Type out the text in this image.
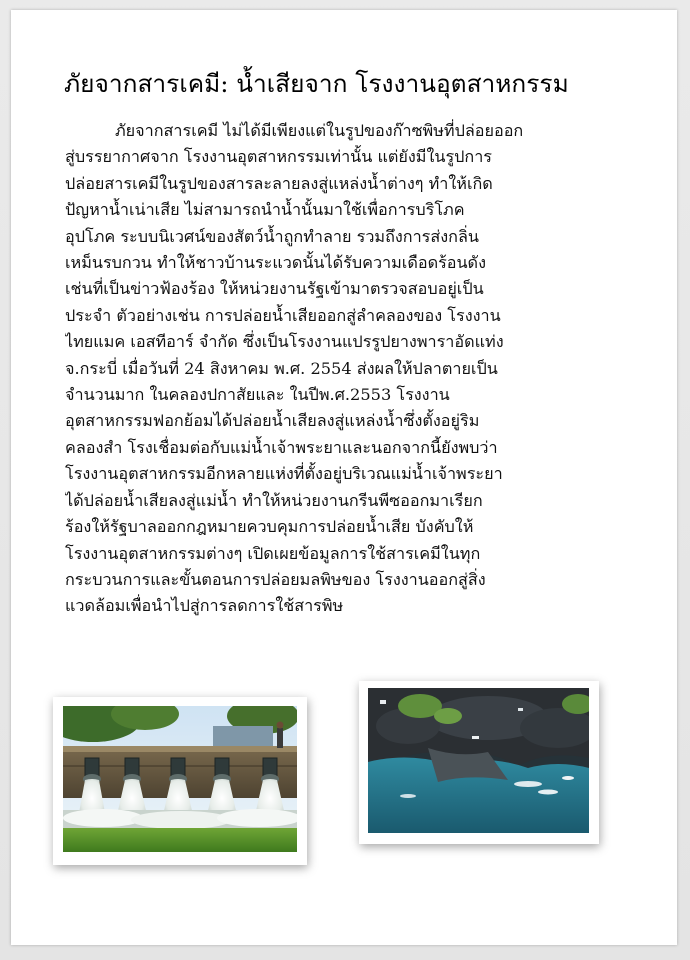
ภัยจากสารเคมี: น้ำเสียจาก โรงงานอุตสาหกรรม
ภัยจากสารเคมี ไม่ได้มีเพียงแต่ในรูปของก๊าซพิษที่ปล่อยออก
สู่บรรยากาศจาก โรงงานอุตสาหกรรมเท่านั้น แต่ยังมีในรูปการ
ปล่อยสารเคมีในรูปของสารละลายลงสู่แหล่งน้ำต่างๆ ทำให้เกิด
ปัญหาน้ำเน่าเสีย ไม่สามารถนำน้ำนั้นมาใช้เพื่อการบริโภค
อุปโภค ระบบนิเวศน์ของสัตว์น้ำถูกทำลาย รวมถึงการส่งกลิ่น
เหม็นรบกวน ทำให้ชาวบ้านระแวดนั้นได้รับความเดือดร้อนดัง
เช่นที่เป็นข่าวฟ้องร้อง ให้หน่วยงานรัฐเข้ามาตรวจสอบอยู่เป็น
ประจำ ตัวอย่างเช่น การปล่อยน้ำเสียออกสู่ลำคลองของ โรงงาน
ไทยแมค เอสทีอาร์ จำกัด ซึ่งเป็นโรงงานแปรรูปยางพาราอัดแท่ง
จ.กระบี่ เมื่อวันที่ 24 สิงหาคม พ.ศ. 2554 ส่งผลให้ปลาตายเป็น
จำนวนมาก ในคลองปกาสัยและ ในปีพ.ศ.2553 โรงงาน
อุตสาหกรรมฟอกย้อมได้ปล่อยน้ำเสียลงสู่แหล่งน้ำซึ่งตั้งอยู่ริม
คลองสำ โรงเชื่อมต่อกับแม่น้ำเจ้าพระยาและนอกจากนี้ยังพบว่า
โรงงานอุตสาหกรรมอีกหลายแห่งที่ตั้งอยู่บริเวณแม่น้ำเจ้าพระยา
ได้ปล่อยน้ำเสียลงสู่แม่น้ำ ทำให้หน่วยงานกรีนพีซออกมาเรียก
ร้องให้รัฐบาลออกกฎหมายควบคุมการปล่อยน้ำเสีย บังคับให้
โรงงานอุตสาหกรรมต่างๆ เปิดเผยข้อมูลการใช้สารเคมีในทุก
กระบวนการและขั้นตอนการปล่อยมลพิษของ โรงงานออกสู่สิ่ง
แวดล้อมเพื่อนำไปสู่การลดการใช้สารพิษ
